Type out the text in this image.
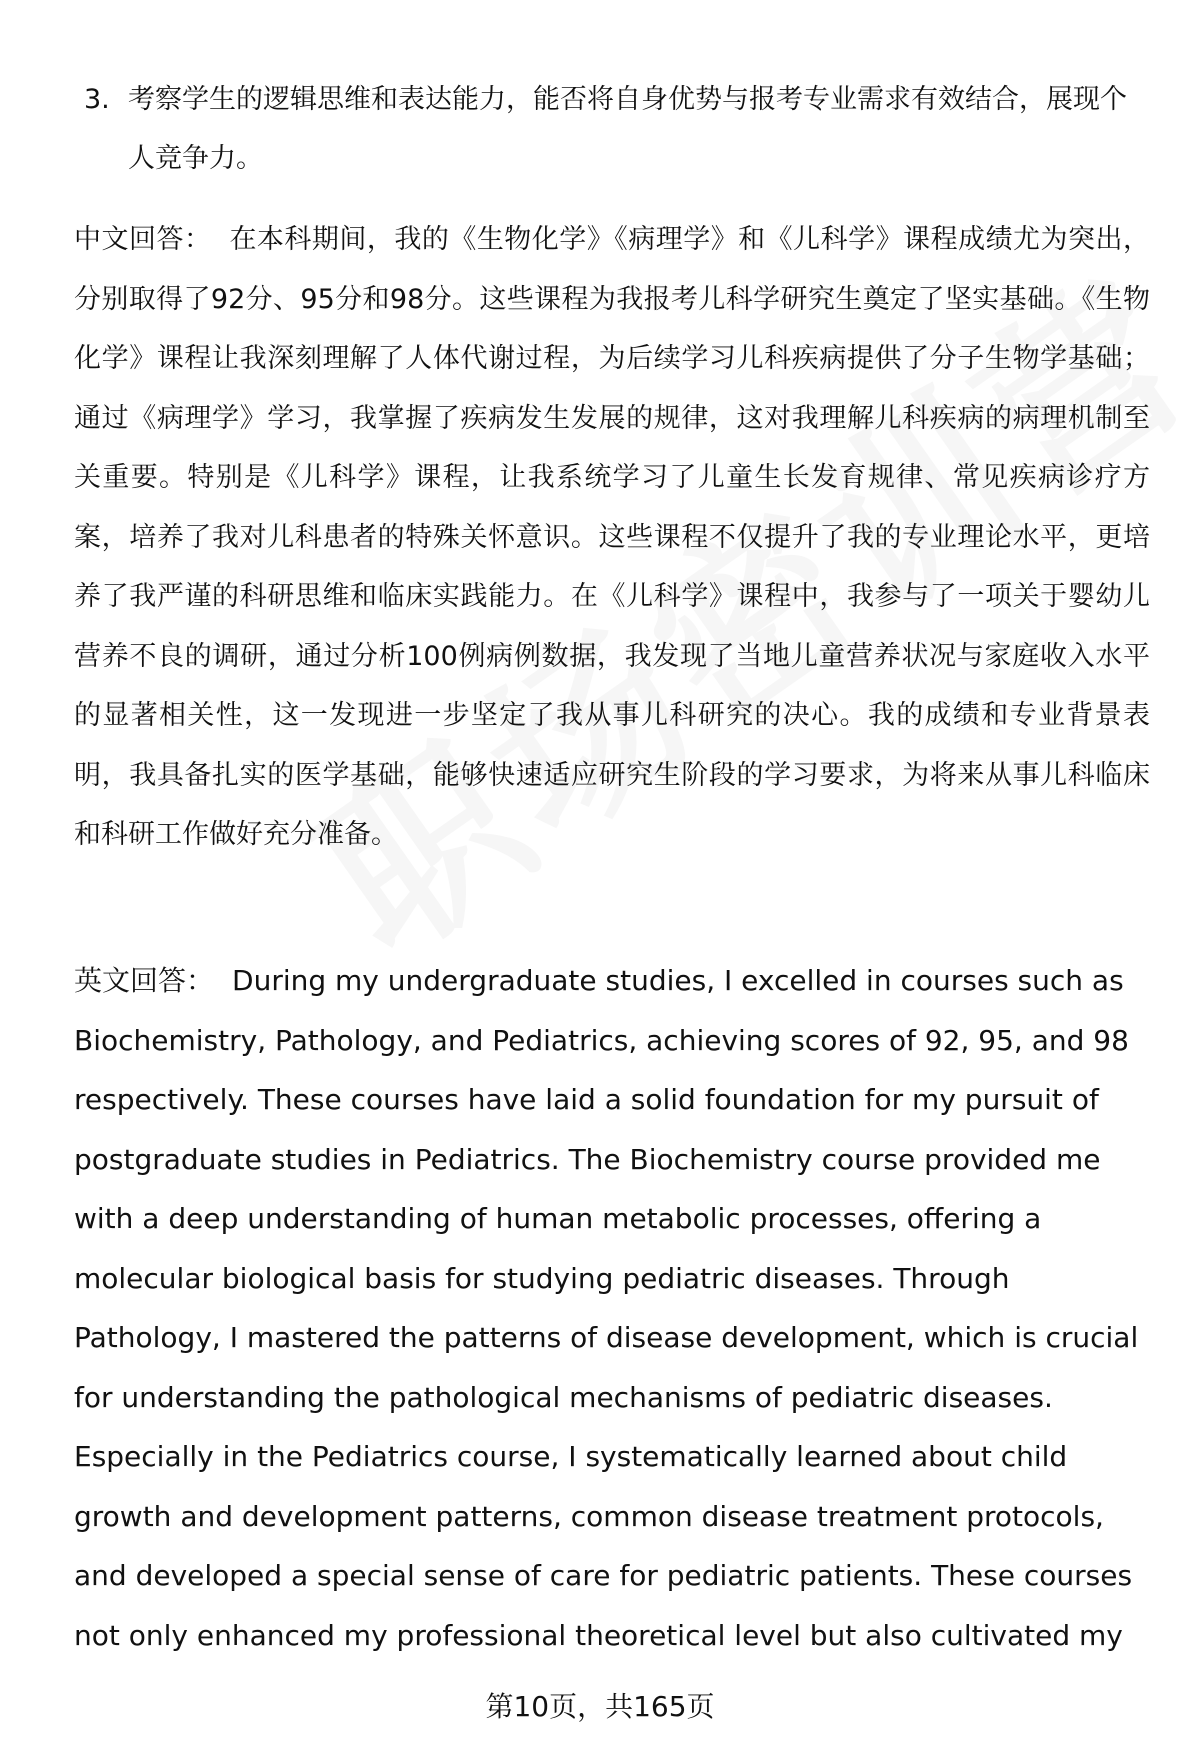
3. 考察学生的逻辑思维和表达能力，能否将自身优势与报考专业需求有效结合，展现个人竞争力。
中文回答： 在本科期间，我的《生物化学》《病理学》和《儿科学》课程成绩尤为突出，分别取得了92分、95分和98分。这些课程为我报考儿科学研究生奠定了坚实基础。《生物化学》课程让我深刻理解了人体代谢过程，为后续学习儿科疾病提供了分子生物学基础；通过《病理学》学习，我掌握了疾病发生发展的规律，这对我理解儿科疾病的病理机制至关重要。特别是《儿科学》课程，让我系统学习了儿童生长发育规律、常见疾病诊疗方案，培养了我对儿科患者的特殊关怀意识。这些课程不仅提升了我的专业理论水平，更培养了我严谨的科研思维和临床实践能力。在《儿科学》课程中，我参与了一项关于婴幼儿营养不良的调研，通过分析100例病例数据，我发现了当地儿童营养状况与家庭收入水平的显著相关性，这一发现进一步坚定了我从事儿科研究的决心。我的成绩和专业背景表明，我具备扎实的医学基础，能够快速适应研究生阶段的学习要求，为将来从事儿科临床和科研工作做好充分准备。
英文回答： During my undergraduate studies, I excelled in courses such as Biochemistry, Pathology, and Pediatrics, achieving scores of 92, 95, and 98 respectively. These courses have laid a solid foundation for my pursuit of postgraduate studies in Pediatrics. The Biochemistry course provided me with a deep understanding of human metabolic processes, offering a molecular biological basis for studying pediatric diseases. Through Pathology, I mastered the patterns of disease development, which is crucial for understanding the pathological mechanisms of pediatric diseases. Especially in the Pediatrics course, I systematically learned about child growth and development patterns, common disease treatment protocols, and developed a special sense of care for pediatric patients. These courses not only enhanced my professional theoretical level but also cultivated my
第10页，共165页
